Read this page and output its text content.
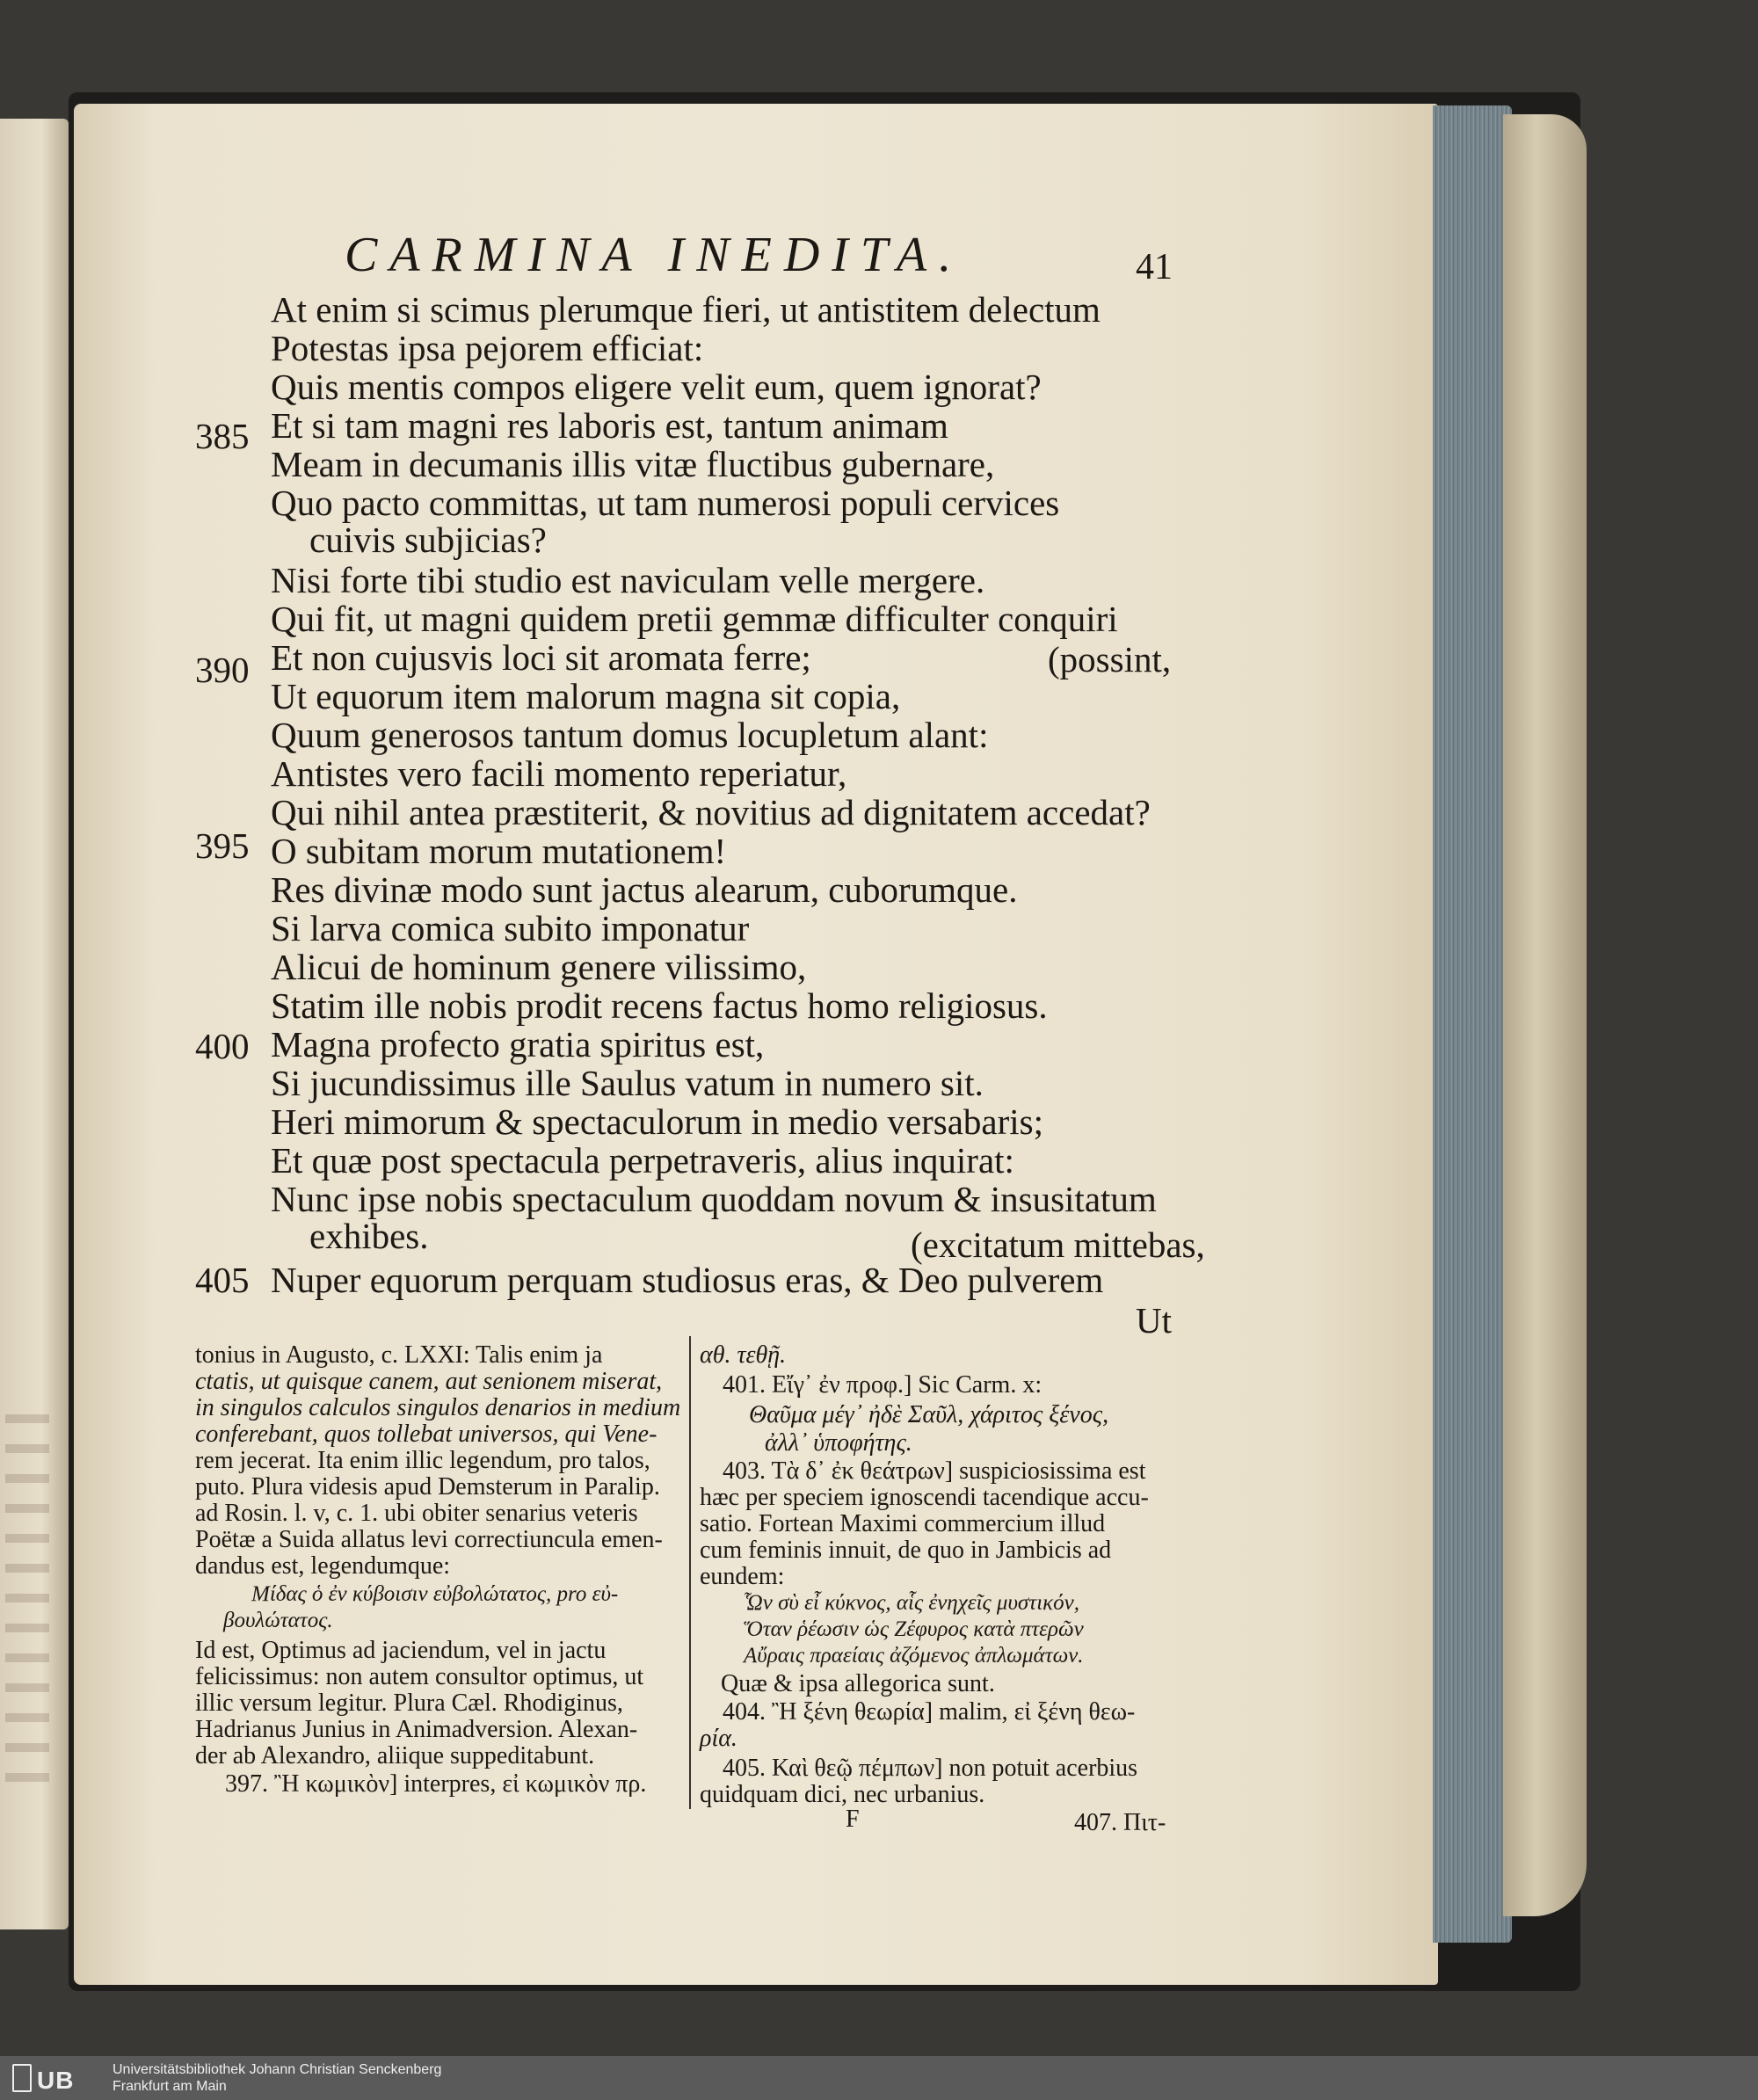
CARMINA INEDITA.	41
385
390
395
400
405
At enim si scimus plerumque fieri, ut antistitem delectum
Potestas ipsa pejorem efficiat:
Quis mentis compos eligere velit eum, quem ignorat?
Et si tam magni res laboris est, tantum animam
Meam in decumanis illis vitæ fluctibus gubernare,
Quo pacto committas, ut tam numerosi populi cervices
cuivis subjicias?
Nisi forte tibi studio est naviculam velle mergere.
Qui fit, ut magni quidem pretii gemmæ difficulter conquiri
Et non cujusvis loci sit aromata ferre;	(possint,
Ut equorum item malorum magna sit copia,
Quum generosos tantum domus locupletum alant:
Antistes vero facili momento reperiatur,
Qui nihil antea præstiterit, & novitius ad dignitatem accedat?
O subitam morum mutationem!
Res divinæ modo sunt jactus alearum, cuborumque.
Si larva comica subito imponatur
Alicui de hominum genere vilissimo,
Statim ille nobis prodit recens factus homo religiosus.
Magna profecto gratia spiritus est,
Si jucundissimus ille Saulus vatum in numero sit.
Heri mimorum & spectaculorum in medio versabaris;
Et quæ post spectacula perpetraveris, alius inquirat:
Nunc ipse nobis spectaculum quoddam novum & insusitatum
exhibes.	(excitatum mittebas,
Nuper equorum perquam studiosus eras, & Deo pulverem
Ut
tonius in Augusto, c. LXXI: Talis enim ja
ctatis, ut quisque canem, aut senionem miserat,
in singulos calculos singulos denarios in medium
conferebant, quos tollebat universos, qui Vene-
rem jecerat. Ita enim illic legendum, pro talos,
puto. Plura videsis apud Demsterum in Paralip.
ad Rosin. l. v, c. 1. ubi obiter senarius veteris
Poëtæ a Suida allatus levi correctiuncula emen-
dandus est, legendumque:
Μίδας ὁ ἐν κύβοισιν εὐβολώτατος, pro εὐ-
βουλώτατος.
Id est, Optimus ad jaciendum, vel in jactu
felicissimus: non autem consultor optimus, ut
illic versum legitur. Plura Cæl. Rhodiginus,
Hadrianus Junius in Animadversion. Alexan-
der ab Alexandro, aliique suppeditabunt.
397. Ἢ κωμικὸν] interpres, εἰ κωμικὸν πρ.
αθ. τεθῇ.
401. Εἴγ᾽ ἐν προφ.] Sic Carm. x:
Θαῦμα μέγ᾽ ἠδὲ Σαῦλ, χάριτος ξένος,
ἀλλ᾽ ὑποφήτης.
403. Τὰ δ᾽ ἐκ θεάτρων] suspiciosissima est
hæc per speciem ignoscendi tacendique accu-
satio. Fortean Maximi commercium illud
cum feminis innuit, de quo in Jambicis ad
eundem:
Ὧν σὺ εἶ κύκνος, αἷς ἐνηχεῖς μυστικόν,
Ὅταν ῥέωσιν ὡς Ζέφυρος κατὰ πτερῶν
Αὔραις πραείαις ἀζόμενος ἀπλωμάτων.
Quæ & ipsa allegorica sunt.
404. Ἢ ξένη θεωρία] malim, εἰ ξένη θεω-
ρία.
405. Καὶ θεῷ πέμπων] non potuit acerbius
quidquam dici, nec urbanius.
F	407. Πιτ-
UB	Universitätsbibliothek Johann Christian Senckenberg
Frankfurt am Main
